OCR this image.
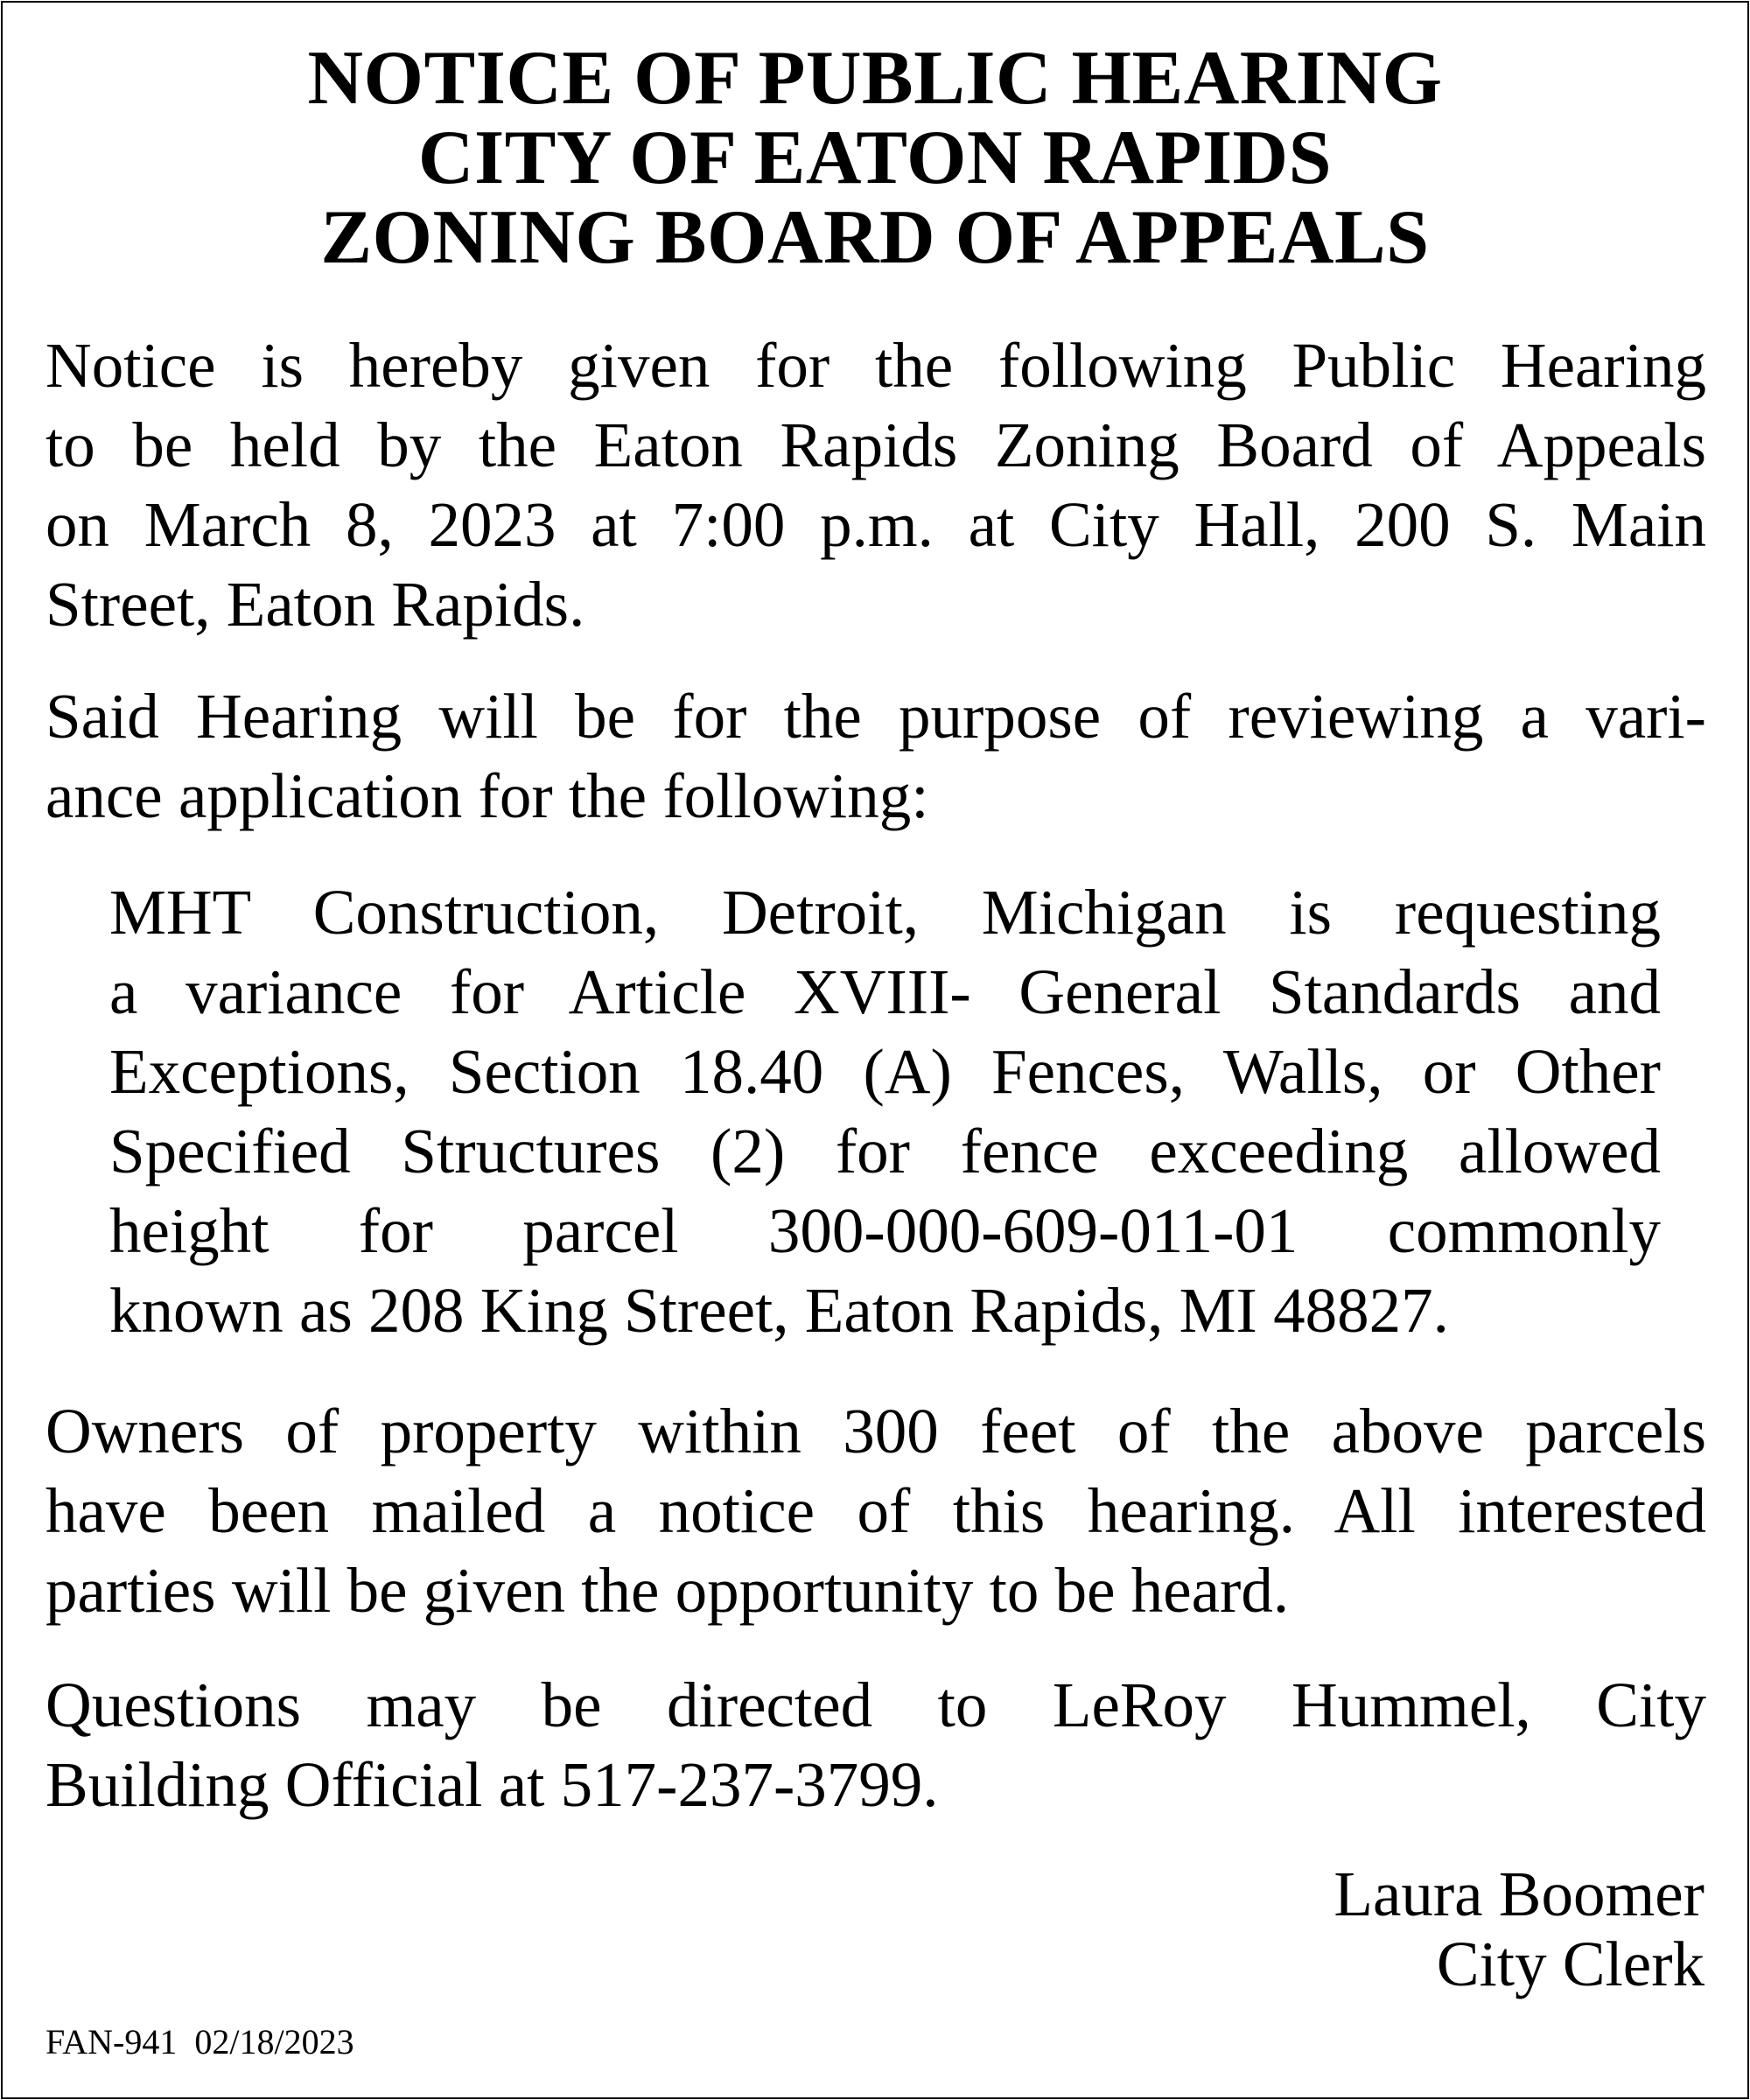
NOTICE OF PUBLIC HEARING
CITY OF EATON RAPIDS
ZONING BOARD OF APPEALS
Notice is hereby given for the following Public Hearing
to be held by the Eaton Rapids Zoning Board of Appeals
on March 8, 2023 at 7:00 p.m. at City Hall, 200 S. Main
Street, Eaton Rapids.
Said Hearing will be for the purpose of reviewing a vari-
ance application for the following:
MHT Construction, Detroit, Michigan is requesting
a variance for Article XVIII- General Standards and
Exceptions, Section 18.40 (A) Fences, Walls, or Other
Specified Structures (2) for fence exceeding allowed
height for parcel 300-000-609-011-01 commonly
known as 208 King Street, Eaton Rapids, MI 48827.
Owners of property within 300 feet of the above parcels
have been mailed a notice of this hearing. All interested
parties will be given the opportunity to be heard.
Questions may be directed to LeRoy Hummel, City
Building Official at 517-237-3799.
Laura Boomer
City Clerk
FAN-941  02/18/2023
